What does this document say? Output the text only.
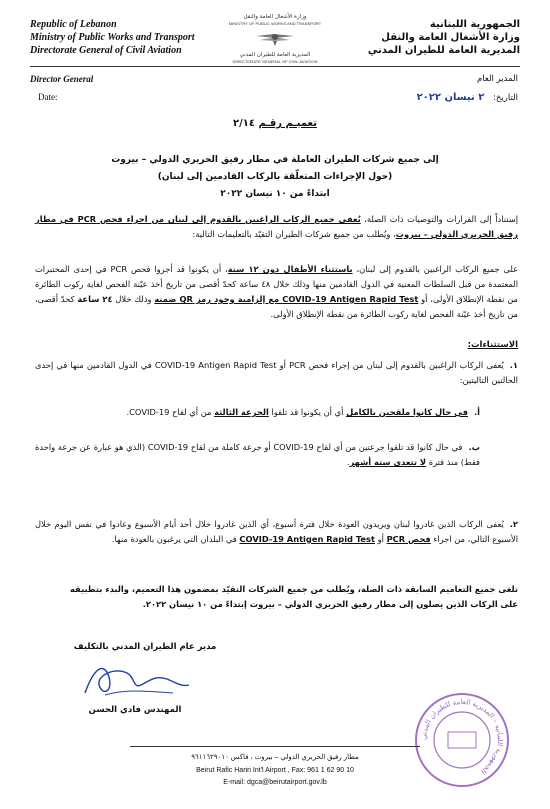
Republic of Lebanon
Ministry of Public Works and Transport
Directorate General of Civil Aviation
وزارة الأشغال العامة والنقل
MINISTRY OF PUBLIC WORKS AND TRANSPORT
المديرية العامة للطيران المدني
DIRECTORATE GENERAL OF CIVIL AVIATION
الجمهورية اللبنانية
وزارة الأشغال العامة والنقل
المديرية العامة للطيران المدني
Director General
Date:
المدير العام
التاريخ: ٢ نيسان ٢٠٢٢
تعميـم رقـم ٢/١٤
إلى جميع شركات الطيران العاملة في مطار رفيق الحريري الدولي – بيروت
(حول الإجراءات المتعلّقة بالركاب القادمين إلى لبنان)
ابتداءً من ١٠ نيسان ٢٠٢٢
إستناداً إلى القرارات والتوصيات ذات الصلة، يُعفى جميع الركاب الراغبين بالقدوم إلى لبنان من اجراء فحص PCR في مطار رفيق الحريري الدولي – بيروت، ويُطلب من جميع شركات الطيران التقيّد بالتعليمات التالية:
على جميع الركاب الراغبين بالقدوم إلى لبنان، باستثناء الأطفال دون ١٢ سنة، أن يكونوا قد أجروا فحص PCR في إحدى المختبرات المعتمدة من قبل السلطات المعنية في الدول القادمين منها وذلك خلال ٤٨ ساعة كحدّ أقصى من تاريخ أخذ عيّنة الفحص لغاية ركوب الطائرة من نقطة الإنطلاق الأولى، أو COVID-19 Antigen Rapid Test مع إلزامية وجود رمز QR ضمنه وذلك خلال ٢٤ ساعة كحدّ أقصى، من تاريخ أخذ عيّنة الفحص لغاية ركوب الطائرة من نقطة الإنطلاق الأولى.
الاستثناءات:
١.يُعفى الركاب الراغبين بالقدوم إلى لبنان من إجراء فحص PCR أو COVID-19 Antigen Rapid Test في الدول القادمين منها في إحدى الحالتين التاليتين:
أ.في حال كانوا ملقحين بالكامل أي أن يكونوا قد تلقوا الجرعة الثالثة من أي لقاح COVID-19.
ب.في حال كانوا قد تلقوا جرعتين من أي لقاح COVID-19 أو جرعة كاملة من لقاح COVID-19 (الذي هو عبارة عن جرعة واحدة فقط) منذ فترة لا تتعدى ستة أشهر.
٢.يُعفى الركاب الذين غادروا لبنان ويريدون العودة خلال فترة أسبوع، أي الذين غادروا خلال أحد أيام الأسبوع وعادوا في نفس اليوم خلال الأسبوع التالي، من اجراء فحص PCR أو COVID-19 Antigen Rapid Test في البلدان التي يرغبون بالعودة منها.
تلغى جميع التعاميم السابقة ذات الصلة، ويُطلب من جميع الشركات التقيّد بمضمون هذا التعميم، والبدء بتطبيقه على الركاب الذين يصلون إلى مطار رفيق الحريري الدولي – بيروت إبتداءً من ١٠ نيسان ٢٠٢٢.
مدير عام الطيران المدني بالتكليف
المهندس فادي الحسن
الجمهورية اللبنانية – المديرية العامة للطيران المدني
مطار رفيق الحريري الدولي – بيروت ، فاكس ٩٦١١٦٢٩٠١٠
Beirut Rafic Hariri Int'l Airport , Fax: 961 1 62 90 10
E-mail: dgca@beirutairport.gov.lb
